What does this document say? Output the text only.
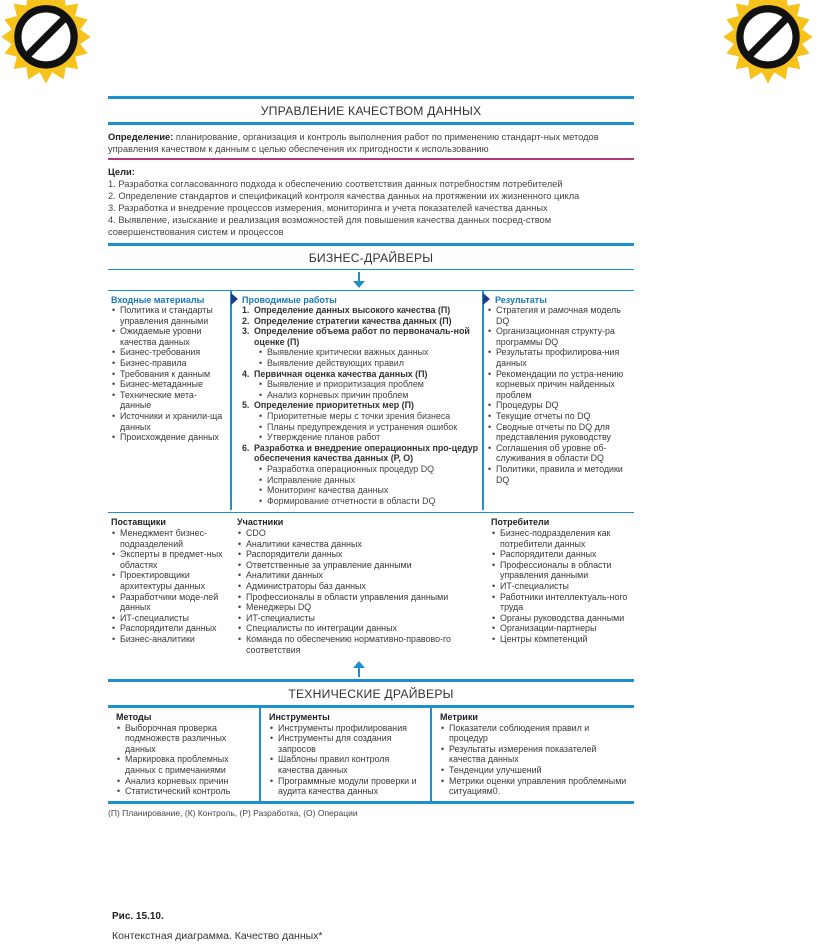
УПРАВЛЕНИЕ КАЧЕСТВОМ ДАННЫХ
Определение: планирование, организация и контроль выполнения работ по применению стандарт-ных методов управления качеством к данным с целью обеспечения их пригодности к использованию
Цели:
1. Разработка согласованного подхода к обеспечению соответствия данных потребностям потребителей
2. Определение стандартов и спецификаций контроля качества данных на протяжении их жизненного цикла
3. Разработка и внедрение процессов измерения, мониторинга и учета показателей качества данных
4. Выявление, изыскание и реализация возможностей для повышения качества данных посред-ством совершенствования систем и процессов
БИЗНЕС-ДРАЙВЕРЫ
Входные материалы
• Политика и стандарты управления данными
• Ожидаемые уровни качества данных
• Бизнес-требования
• Бизнес-правила
• Требования к данным
• Бизнес-метаданные
• Технические мета-данные
• Источники и хранили-ща данных
• Происхождение данных
Проводимые работы
1. Определение данных высокого качества (П)
2. Определение стратегии качества данных (П)
3. Определение объема работ по первоначаль-ной оценке (П)
• Выявление критически важных данных
• Выявление действующих правил
4. Первичная оценка качества данных (П)
• Выявление и приоритизация проблем
• Анализ корневых причин проблем
5. Определение приоритетных мер (П)
• Приоритетные меры с точки зрения бизнеса
• Планы предупреждения и устранения ошибок
• Утверждение планов работ
6. Разработка и внедрение операционных про-цедур обеспечения качества данных (Р, О)
• Разработка операционных процедур DQ
• Исправление данных
• Мониторинг качества данных
• Формирование отчетности в области DQ
Результаты
• Стратегия и рамочная модель DQ
• Организационная структу-ра программы DQ
• Результаты профилирова-ния данных
• Рекомендации по устра-нению корневых причин найденных проблем
• Процедуры DQ
• Текущие отчеты по DQ
• Сводные отчеты по DQ для представления руководству
• Соглашения об уровне об-служивания в области DQ
• Политики, правила и методики DQ
Поставщики
• Менеджмент бизнес-подразделений
• Эксперты в предмет-ных областях
• Проектировщики архитектуры данных
• Разработчики моде-лей данных
• ИТ-специалисты
• Распорядители данных
• Бизнес-аналитики
Участники
• CDO
• Аналитики качества данных
• Распорядители данных
• Ответственные за управление данными
• Аналитики данных
• Администраторы баз данных
• Профессионалы в области управления данными
• Менеджеры DQ
• ИТ-специалисты
• Специалисты по интеграции данных
• Команда по обеспечению нормативно-правово-го соответствия
Потребители
• Бизнес-подразделения как потребители данных
• Распорядители данных
• Профессионалы в области управления данными
• ИТ-специалисты
• Работники интеллектуаль-ного труда
• Органы руководства данными
• Организации-партнеры
• Центры компетенций
ТЕХНИЧЕСКИЕ ДРАЙВЕРЫ
Методы
• Выборочная проверка подмножеств различных данных
• Маркировка проблемных данных с примечаниями
• Анализ корневых причин
• Статистический контроль
Инструменты
• Инструменты профилирования
• Инструменты для создания запросов
• Шаблоны правил контроля качества данных
• Программные модули проверки и аудита качества данных
Метрики
• Показатели соблюдения правил и процедур
• Результаты измерения показателей качества данных
• Тенденции улучшений
• Метрики оценки управления проблемными ситуациям0.
(П) Планирование, (К) Контроль, (Р) Разработка, (О) Операции
Рис. 15.10.
Контекстная диаграмма. Качество данных*
